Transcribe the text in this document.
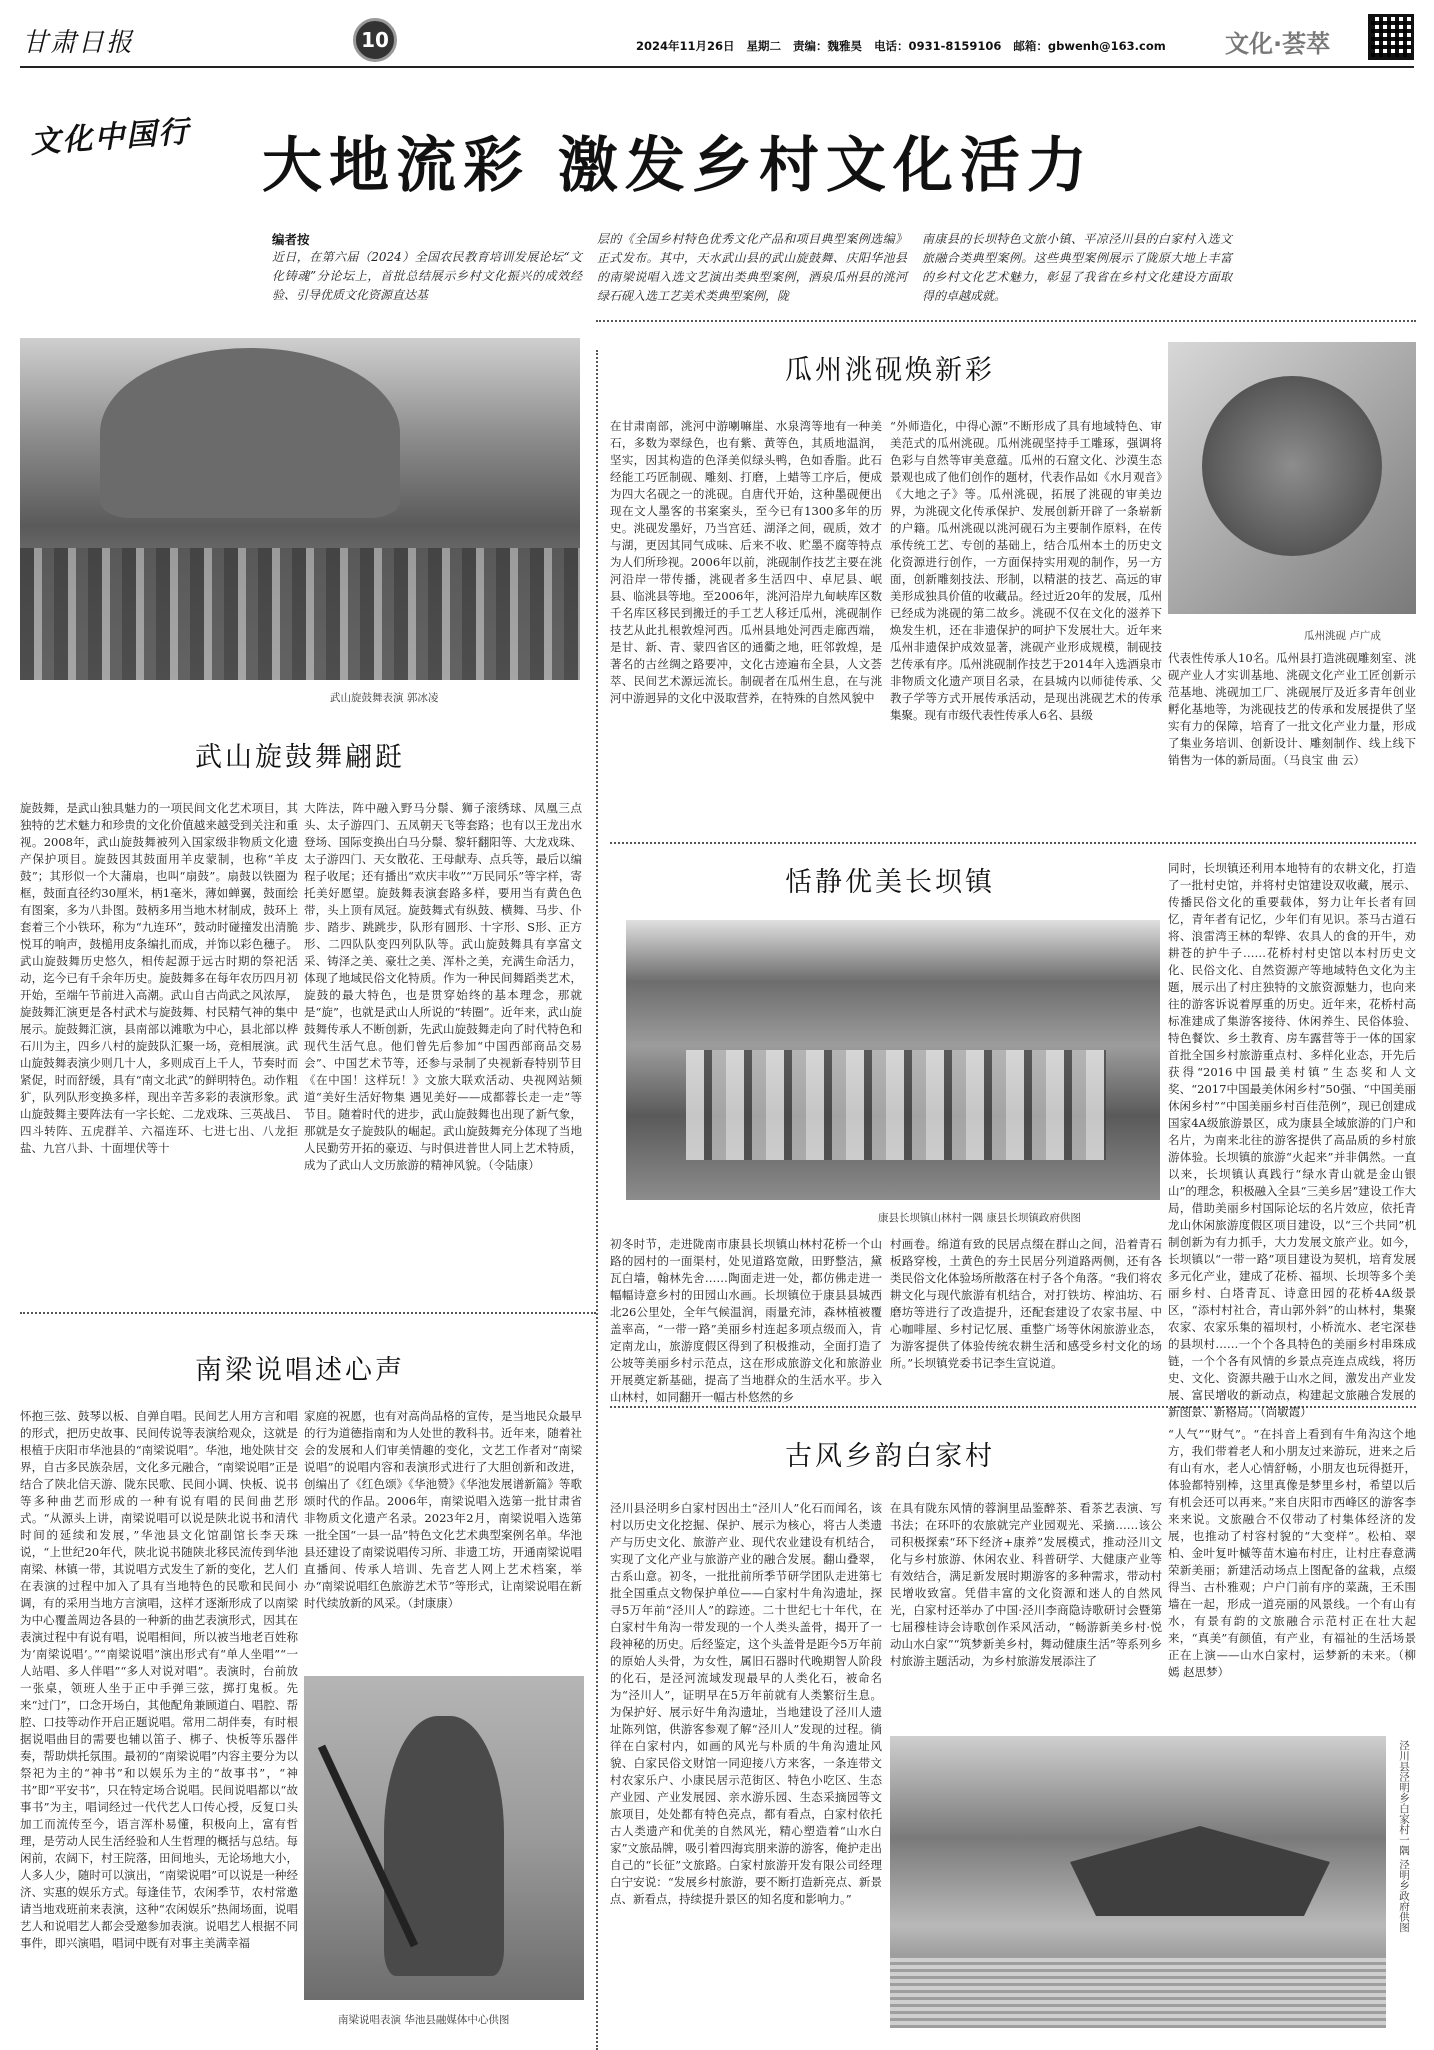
甘肃日报	10	2024年11月26日 星期二 责编：魏雅昊 电话：0931-8159106 邮箱：gbwenh@163.com 文化·荟萃
文化中国行 大地流彩 激发乡村文化活力
编者按
近日，在第六届（2024）全国农民教育培训发展论坛“文化铸魂”分论坛上，首批总结展示乡村文化振兴的成效经验、引导优质文化资源直达基
层的《全国乡村特色优秀文化产品和项目典型案例选编》正式发布。其中，天水武山县的武山旋鼓舞、庆阳华池县的南梁说唱入选文艺演出类典型案例，酒泉瓜州县的洮河绿石砚入选工艺美术类典型案例，陇
南康县的长坝特色文旅小镇、平凉泾川县的白家村入选文旅融合类典型案例。这些典型案例展示了陇原大地上丰富的乡村文化艺术魅力，彰显了我省在乡村文化建设方面取得的卓越成就。
武山旋鼓舞表演 郭冰凌
武山旋鼓舞翩跹
旋鼓舞，是武山独具魅力的一项民间文化艺术项目，其独特的艺术魅力和珍贵的文化价值越来越受到关注和重视。2008年，武山旋鼓舞被列入国家级非物质文化遗产保护项目。旋鼓因其鼓面用羊皮蒙制，也称“羊皮鼓”；其形似一个大蒲扇，也叫“扇鼓”。扇鼓以铁圈为框，鼓面直径约30厘米，柄1毫米，薄如蝉翼，鼓面绘有图案，多为八卦图。鼓柄多用当地木材制成，鼓环上套着三个小铁环，称为“九连环”，鼓动时碰撞发出清脆悦耳的响声，鼓槌用皮条编扎而成，并饰以彩色穗子。武山旋鼓舞历史悠久，相传起源于远古时期的祭祀活动，迄今已有千余年历史。旋鼓舞多在每年农历四月初开始，至端午节前进入高潮。武山自古尚武之风浓厚，旋鼓舞汇演更是各村武术与旋鼓舞、村民精气神的集中展示。旋鼓舞汇演，县南部以滩歌为中心，县北部以桦石川为主，四乡八村的旋鼓队汇聚一场，竞相展演。武山旋鼓舞表演少则几十人，多则成百上千人，节奏时而紧促，时而舒缓，具有“南文北武”的鲜明特色。动作粗犷，队列队形变换多样，现出辛苦多彩的表演形象。武山旋鼓舞主要阵法有一字长蛇、二龙戏珠、三英战吕、四斗转阵、五虎群羊、六福连环、七进七出、八龙拒盐、九宫八卦、十面埋伏等十
大阵法，阵中融入野马分鬃、狮子滚绣球、凤凰三点头、太子游四门、五凤朝天飞等套路；也有以王龙出水登场、国际变换出白马分鬃、黎轩翻阳等、大龙戏珠、太子游四门、天女散花、王母献寿、点兵等，最后以编程子收尾；还有播出“欢庆丰收”“万民同乐”等字样，寄托美好愿望。旋鼓舞表演套路多样，要用当有黄色色带，头上顶有凤冠。旋鼓舞式有纵鼓、横舞、马步、仆步、踏步、跳跳步，队形有圆形、十字形、S形、正方形、二四队队变四列队队等。武山旋鼓舞具有享富文采、铸泽之美、豪壮之美、浑朴之美，充满生命活力，体现了地域民俗文化特质。作为一种民间舞蹈类艺术，旋鼓的最大特色，也是贯穿始终的基本理念，那就是“旋”，也就是武山人所说的“转圈”。近年来，武山旋鼓舞传承人不断创新，先武山旋鼓舞走向了时代特色和现代生活气息。他们曾先后参加“中国西部商品交易会”、中国艺术节等，还参与录制了央视新春特别节目《在中国！这样玩！》文旅大联欢活动、央视网站频道“美好生活好物集 遇见美好——成都蓉长走一走”等节目。随着时代的进步，武山旋鼓舞也出现了新气象，那就是女子旋鼓队的崛起。武山旋鼓舞充分体现了当地人民勤劳开拓的豪迈、与时俱进普世人同上艺术特质，成为了武山人文历旅游的精神风貌。（令陆康）
南梁说唱述心声
怀抱三弦、鼓琴以板、自弹自唱。民间艺人用方言和唱的形式，把历史故事、民间传说等表演给观众，这就是根植于庆阳市华池县的“南梁说唱”。华池，地处陕甘交界，自古多民族杂居，文化多元融合，“南梁说唱”正是结合了陕北信天游、陇东民歌、民间小调、快板、说书等多种曲艺而形成的一种有说有唱的民间曲艺形式。“从源头上讲，南梁说唱可以说是陕北说书和清代时间的延续和发展，”华池县文化馆副馆长李天珠说，“上世纪20年代，陕北说书随陕北移民流传到华池南梁、林镇一带，其说唱方式发生了新的变化，艺人们在表演的过程中加入了具有当地特色的民歌和民间小调，有的采用当地方言演唱，这样才逐渐形成了以南梁为中心覆盖周边各县的一种新的曲艺表演形式，因其在表演过程中有说有唱，说唱相间，所以被当地老百姓称为‘南梁说唱’。”“南梁说唱”演出形式有“单人坐唱”“一人站唱、多人伴唱”“多人对说对唱”。表演时，台前放一张桌，领班人坐于正中手弹三弦，掷打鬼板。先来“过门”，口念开场白，其他配角兼顾道白、唱腔、帮腔、口技等动作开启正题说唱。常用二胡伴奏，有时根据说唱曲目的需要也辅以笛子、梆子、快板等乐器伴奏，帮助烘托氛围。最初的“南梁说唱”内容主要分为以祭祀为主的“神书”和以娱乐为主的“故事书”，“神书”即“平安书”，只在特定场合说唱。民间说唱都以“故事书”为主，唱词经过一代代艺人口传心授，反复口头加工而流传至今，语言浑朴易懂，积极向上，富有哲理，是劳动人民生活经验和人生哲理的概括与总结。每闲前，农阔下，村王院落，田间地头，无论场地大小，人多人少，随时可以演出，“南梁说唱”可以说是一种经济、实惠的娱乐方式。每逢佳节，农闲季节，农村常邀请当地戏班前来表演，这种“农闲娱乐”热闹场面，说唱艺人和说唱艺人都会受邀参加表演。说唱艺人根据不同事件，即兴演唱，唱词中既有对事主美满幸福
家庭的祝愿，也有对高尚品格的宣传，是当地民众最早的行为道德指南和为人处世的教科书。近年来，随着社会的发展和人们审美情趣的变化，文艺工作者对“南梁说唱”的说唱内容和表演形式进行了大胆创新和改进，创编出了《红色颂》《华池赞》《华池发展谱新篇》等歌颂时代的作品。2006年，南梁说唱入选第一批甘肃省非物质文化遗产名录。2023年2月，南梁说唱入选第一批全国“一县一品”特色文化艺术典型案例名单。华池县还建设了南梁说唱传习所、非遗工坊，开通南梁说唱直播间、传承人培训、先音艺人网上艺术档案，举办“南梁说唱红色旅游艺术节”等形式，让南梁说唱在新时代续放新的风采。（封康康）
南梁说唱表演 华池县融媒体中心供图
瓜州洮砚焕新彩
在甘肃南部，洮河中游喇嘛崖、水泉湾等地有一种美石，多数为翠绿色，也有紫、黄等色，其质地温润，坚实，因其构造的色泽美似绿头鸭，色如香脂。此石经能工巧匠制砚、雕刻、打磨，上蜡等工序后，便成为四大名砚之一的洮砚。自唐代开始，这种墨砚便出现在文人墨客的书案案头，至今已有1300多年的历史。洮砚发墨好，乃当宫廷、湖泽之间，砚质，效才与湖，更因其同气成味、后来不收、贮墨不腐等特点为人们所珍视。2006年以前，洮砚制作技艺主要在洮河沿岸一带传播，洮砚者多生活四中、卓尼县、岷县、临洮县等地。至2006年，洮河沿岸九甸峡库区数千名库区移民到搬迁的手工艺人移迁瓜州，洮砚制作技艺从此扎根敦煌河西。瓜州县地处河西走廊西端，是甘、新、青、蒙四省区的通衢之地，旺邻敦煌，是著名的古丝绸之路要冲，文化古迹遍布全县，人文荟萃、民间艺术源远流长。制砚者在瓜州生息，在与洮河中游迥异的文化中汲取营养，在特殊的自然风貌中
“外师造化，中得心源”不断形成了具有地域特色、审美范式的瓜州洮砚。瓜州洮砚坚持手工雕琢，强调将色彩与自然等审美意蕴。瓜州的石窟文化、沙漠生态景观也成了他们创作的题材，代表作品如《水月观音》《大地之子》等。瓜州洮砚，拓展了洮砚的审美边界，为洮砚文化传承保护、发展创新开辟了一条崭新的户籍。瓜州洮砚以洮河砚石为主要制作原料，在传承传统工艺、专创的基础上，结合瓜州本土的历史文化资源进行创作，一方面保持实用观的制作，另一方面，创新雕刻技法、形制，以精湛的技艺、高远的审美形成独具价值的收藏品。经过近20年的发展，瓜州已经成为洮砚的第二故乡。洮砚不仅在文化的滋养下焕发生机，还在非遗保护的呵护下发展壮大。近年来瓜州非遗保护成效显著，洮砚产业形成规模，制砚技艺传承有序。瓜州洮砚制作技艺于2014年入选酒泉市非物质文化遗产项目名录，在县城内以师徒传承、父教子学等方式开展传承活动，是现出洮砚艺术的传承集聚。现有市级代表性传承人6名、县级
瓜州洮砚 卢广成
代表性传承人10名。瓜州县打造洮砚雕刻室、洮砚产业人才实训基地、洮砚文化产业工匠创新示范基地、洮砚加工厂、洮砚展厅及近多青年创业孵化基地等，为洮砚技艺的传承和发展提供了坚实有力的保障，培育了一批文化产业力量，形成了集业务培训、创新设计、雕刻制作、线上线下销售为一体的新局面。（马良宝 曲 云）
恬静优美长坝镇
康县长坝镇山林村一隅 康县长坝镇政府供图
初冬时节，走进陇南市康县长坝镇山林村花桥一个山路的园村的一面渠村，处见道路宽敞，田野整洁，黛瓦白墙，翰林先舍……陶面走进一处，都仿佛走进一幅幅诗意乡村的田园山水画。长坝镇位于康县县城西北26公里处，全年气候温润，雨量充沛，森林植被覆盖率高，“一带一路”美丽乡村连起多项点级而入，肯定南龙山，旅游度假区得到了积极推动，全面打造了公坡等美丽乡村示范点，这在形成旅游文化和旅游业开展奠定新基础，提高了当地群众的生活水平。步入山林村，如同翻开一幅古朴悠然的乡
村画卷。绵道有致的民居点缀在群山之间，沿着青石板路穿梭，土黄色的夯土民居分列道路两侧，还有各类民俗文化体验场所散落在村子各个角落。“我们将农耕文化与现代旅游有机结合，对打铁坊、榨油坊、石磨坊等进行了改造提升，还配套建设了农家书屋、中心咖啡屋、乡村记忆展、重整广场等休闲旅游业态，为游客提供了体验传统农耕生活和感受乡村文化的场所。”长坝镇党委书记李生宣说道。
同时，长坝镇还利用本地特有的农耕文化，打造了一批村史馆，并将村史馆建设双收藏，展示、传播民俗文化的重要载体，努力让年长者有回忆，青年者有记忆，少年们有见识。茶马古道石将、浪雷湾王林的犁铧、农具人的食的开牛，劝耕苍的护牛子……花桥村村史馆以本村历史文化、民俗文化、自然资源产等地域特色文化为主题，展示出了村庄独特的文旅资源魅力，也向来往的游客诉说着厚重的历史。近年来，花桥村高标准建成了集游客接待、休闲养生、民俗体验、特色餐饮、乡土教育、房车露营等于一体的国家首批全国乡村旅游重点村、多样化业态，开先后获得“2016中国最美村镇”生态奖和人文奖、“2017中国最美休闲乡村”50强、“中国美丽休闲乡村”“中国美丽乡村百佳范例”，现已创建成国家4A级旅游景区，成为康县全域旅游的门户和名片，为南来北往的游客提供了高品质的乡村旅游体验。长坝镇的旅游“火起来”并非偶然。一直以来，长坝镇认真践行“绿水青山就是金山银山”的理念，积极融入全县“三美乡居”建设工作大局，借助美丽乡村国际论坛的名片效应，依托青龙山休闲旅游度假区项目建设，以“三个共同”机制创新为有力抓手，大力发展文旅产业。如今，长坝镇以“一带一路”项目建设为契机，培育发展多元化产业，建成了花桥、福坝、长坝等多个美丽乡村、白塔青瓦、诗意田园的花桥4A级景区，“添村村社合，青山郭外斜”的山林村，集聚农家、农家乐集的福坝村，小桥流水、老宅深巷的县坝村……一个个各具特色的美丽乡村串珠成链，一个个各有风情的乡景点亮连点成线，将历史、文化、资源共融于山水之间，激发出产业发展、富民增收的新动点，构建起文旅融合发展的新图景、新格局。（尚敏霞）
古风乡韵白家村
泾川县泾明乡白家村因出土“泾川人”化石而闻名，该村以历史文化挖掘、保护、展示为核心，将古人类遗产与历史文化、旅游产业、现代农业建设有机结合，实现了文化产业与旅游产业的融合发展。翻山叠翠，古系山意。初冬，一批批前所季节研学团队走进第七批全国重点文物保护单位——白家村牛角沟遗址，探寻5万年前“泾川人”的踪迹。二十世纪七十年代，在白家村牛角沟一带发现的一个人类头盖骨，揭开了一段神秘的历史。后经鉴定，这个头盖骨是距今5万年前的原始人头骨，为女性，属旧石器时代晚期智人阶段的化石，是泾河流域发现最早的人类化石，被命名为“泾川人”，证明早在5万年前就有人类繁衍生息。为保护好、展示好牛角沟遗址，当地建设了泾川人遗址陈列馆，供游客参观了解“泾川人”发现的过程。徜徉在白家村内，如画的风光与朴质的牛角沟遗址风貌、白家民俗文财馆一同迎接八方来客，一条连带文村农家乐户、小康民居示范街区、特色小吃区、生态产业园、产业发展园、亲水游乐园、生态采摘园等文旅项目，处处都有特色亮点，都有看点，白家村依托古人类遗产和优美的自然风光，精心塑造着“山水白家”文旅品牌，吸引着四海宾朋来游的游客，俺护走出自己的“长征”文旅路。白家村旅游开发有限公司经理白宁安说：“发展乡村旅游，要不断打造新亮点、新景点、新看点，持续提升景区的知名度和影响力。”
在具有陇东风情的蓉涧里品鉴醉茶、看茶艺表演、写书法；在环吓的农旅就完产业园观光、采摘……该公司积极探索“环下经济+康养”发展模式，推动泾川文化与乡村旅游、休闲农业、科普研学、大健康产业等有效结合，满足新发展时期游客的多种需求，带动村民增收致富。凭借丰富的文化资源和迷人的自然风光，白家村还举办了中国·泾川李商隐诗歌研讨会暨第七届穆桂诗会诗歌创作采风活动，“畅游新美乡村·悦动山水白家”“筑梦新美乡村，舞动健康生活”等系列乡村旅游主题活动，为乡村旅游发展添注了
“人气”“财气”。“在抖音上看到有牛角沟这个地方，我们带着老人和小朋友过来游玩，进来之后有山有水，老人心情舒畅，小朋友也玩得挺开，体验都特别棒，这里真像是梦里乡村，希望以后有机会还可以再来。”来自庆阳市西峰区的游客李来来说。文旅融合不仅带动了村集体经济的发展，也推动了村容村貌的“大变样”。松柏、翠柏、金叶复叶槭等苗木遍布村庄，让村庄春意满荣新美丽；新建活动场点上图配备的盆栽，点缀得当、古朴雅观；户户门前有序的菜蔬，王禾围墙在一起，形成一道亮丽的风景线。一个有山有水，有景有韵的文旅融合示范村正在壮大起来，“真美”有颜值，有产业，有福祉的生活场景正在上演——山水白家村，运梦新的未来。（柳 嫣 赵思梦）
泾川县泾明乡白家村一隅 泾明乡政府供图
